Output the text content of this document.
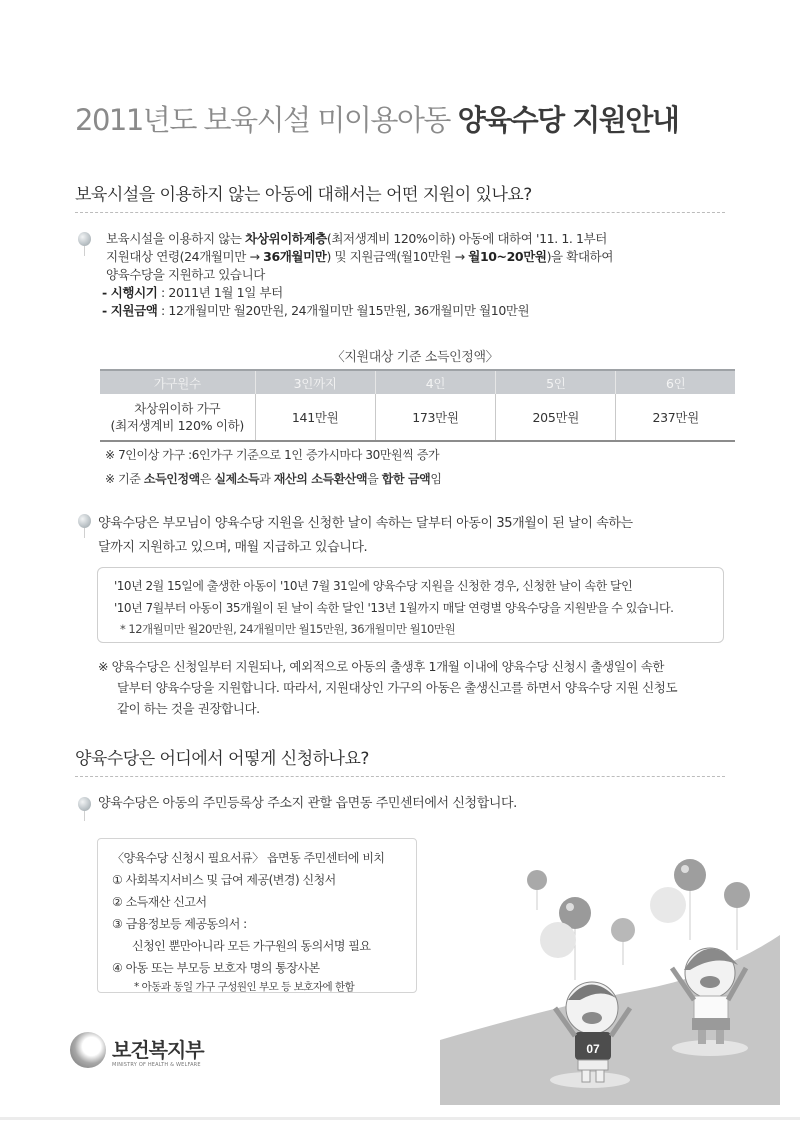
2011년도 보육시설 미이용아동 양육수당 지원안내
보육시설을 이용하지 않는 아동에 대해서는 어떤 지원이 있나요?
보육시설을 이용하지 않는 차상위이하계층(최저생계비 120%이하) 아동에 대하여 '11. 1. 1부터
지원대상 연령(24개월미만 → 36개월미만) 및 지원금액(월10만원 → 월10~20만원)을 확대하여
양육수당을 지원하고 있습니다
- 시행시기 : 2011년 1월 1일 부터
- 지원금액 : 12개월미만 월20만원, 24개월미만 월15만원, 36개월미만 월10만원
〈지원대상 기준 소득인정액〉
가구원수	3인까지	4인	5인	6인

차상위이하 가구
(최저생계비 120% 이하)	141만원	173만원	205만원	237만원
※ 7인이상 가구 :6인가구 기준으로 1인 증가시마다 30만원씩 증가
※ 기준 소득인정액은 실제소득과 재산의 소득환산액을 합한 금액임
양육수당은 부모님이 양육수당 지원을 신청한 날이 속하는 달부터 아동이 35개월이 된 날이 속하는
달까지 지원하고 있으며, 매월 지급하고 있습니다.
'10년 2월 15일에 출생한 아동이 '10년 7월 31일에 양육수당 지원을 신청한 경우, 신청한 날이 속한 달인
'10년 7월부터 아동이 35개월이 된 날이 속한 달인 '13년 1월까지 매달 연령별 양육수당을 지원받을 수 있습니다.
* 12개월미만 월20만원, 24개월미만 월15만원, 36개월미만 월10만원
※ 양육수당은 신청일부터 지원되나, 예외적으로 아동의 출생후 1개월 이내에 양육수당 신청시 출생일이 속한
달부터 양육수당을 지원합니다. 따라서, 지원대상인 가구의 아동은 출생신고를 하면서 양육수당 지원 신청도
같이 하는 것을 권장합니다.
양육수당은 어디에서 어떻게 신청하나요?
양육수당은 아동의 주민등록상 주소지 관할 읍면동 주민센터에서 신청합니다.
〈양육수당 신청시 필요서류〉 읍면동 주민센터에 비치
① 사회복지서비스 및 급여 제공(변경) 신청서
② 소득재산 신고서
③ 금융정보등 제공동의서 :
신청인 뿐만아니라 모든 가구원의 동의서명 필요
④ 아동 또는 부모등 보호자 명의 통장사본
* 아동과 동일 가구 구성원인 부모 등 보호자에 한함
07
보건복지부
MINISTRY OF HEALTH & WELFARE
